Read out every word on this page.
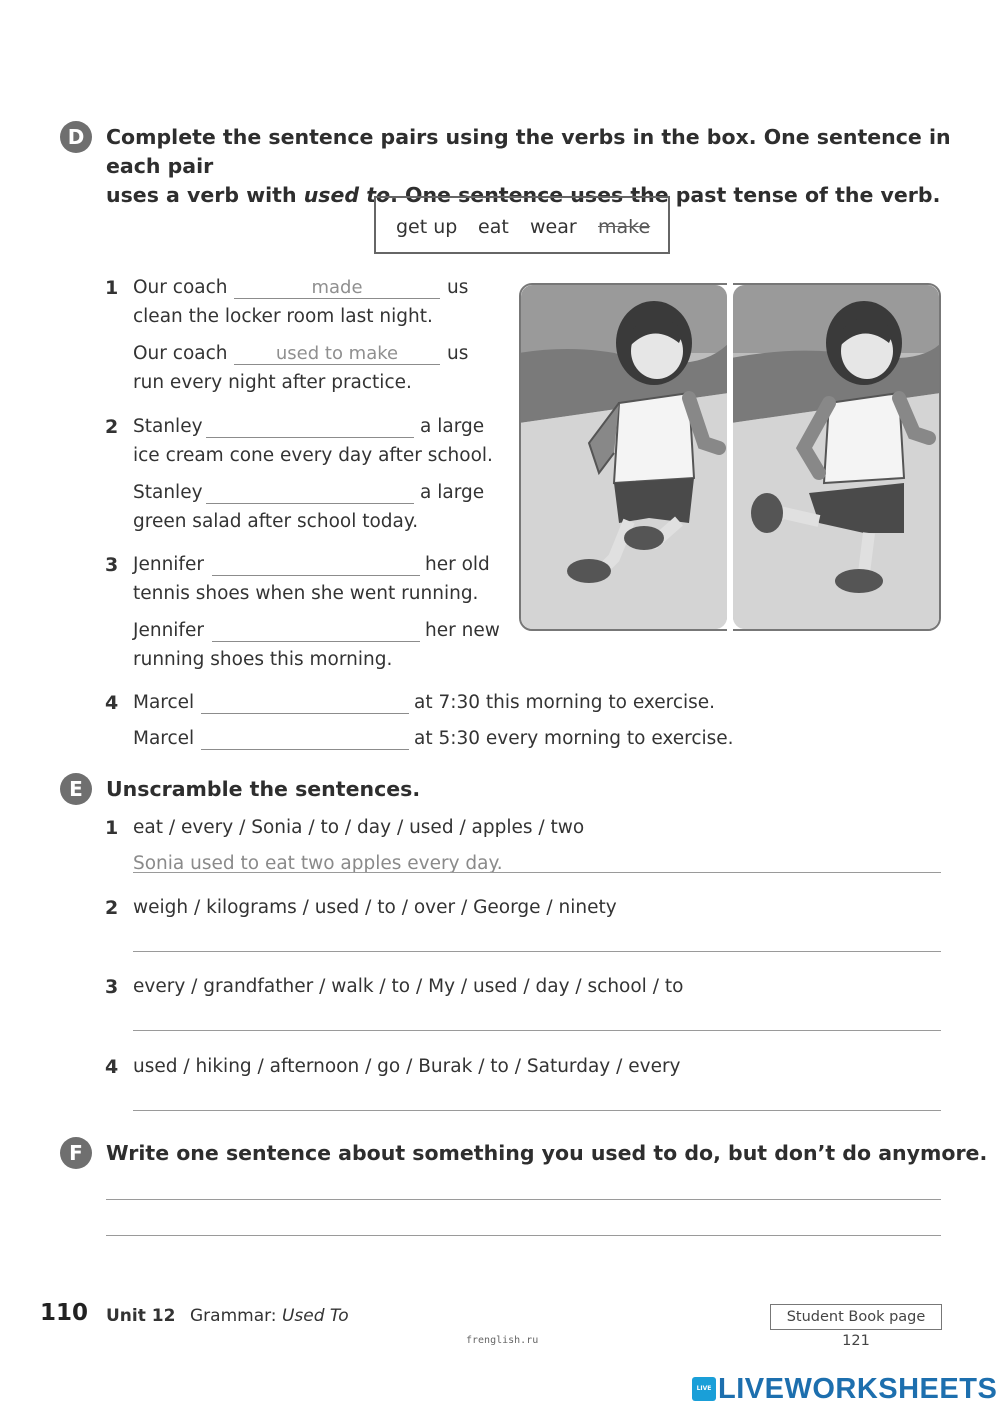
D	Complete the sentence pairs using the verbs in the box. One sentence in each pair
uses a verb with used to. One sentence uses the past tense of the verb.
get up eat wear make
1 Our coach	made	us
clean the locker room last night.
Our coach	used to make	us
run every night after practice.
2 Stanley	a large
ice cream cone every day after school.
Stanley	a large
green salad after school today.
3 Jennifer	her old
tennis shoes when she went running.
Jennifer	her new
running shoes this morning.
4 Marcel	at 7:30 this morning to exercise.
Marcel	at 5:30 every morning to exercise.
E	Unscramble the sentences.
1 eat / every / Sonia / to / day / used / apples / two
Sonia used to eat two apples every day.
2 weigh / kilograms / used / to / over / George / ninety
3 every / grandfather / walk / to / My / used / day / school / to
4 used / hiking / afternoon / go / Burak / to / Saturday / every
F	Write one sentence about something you used to do, but don’t do anymore.
110 Unit 12 Grammar: Used To	Student Book page 121
frenglish.ru
LIVE LIVEWORKSHEETS
